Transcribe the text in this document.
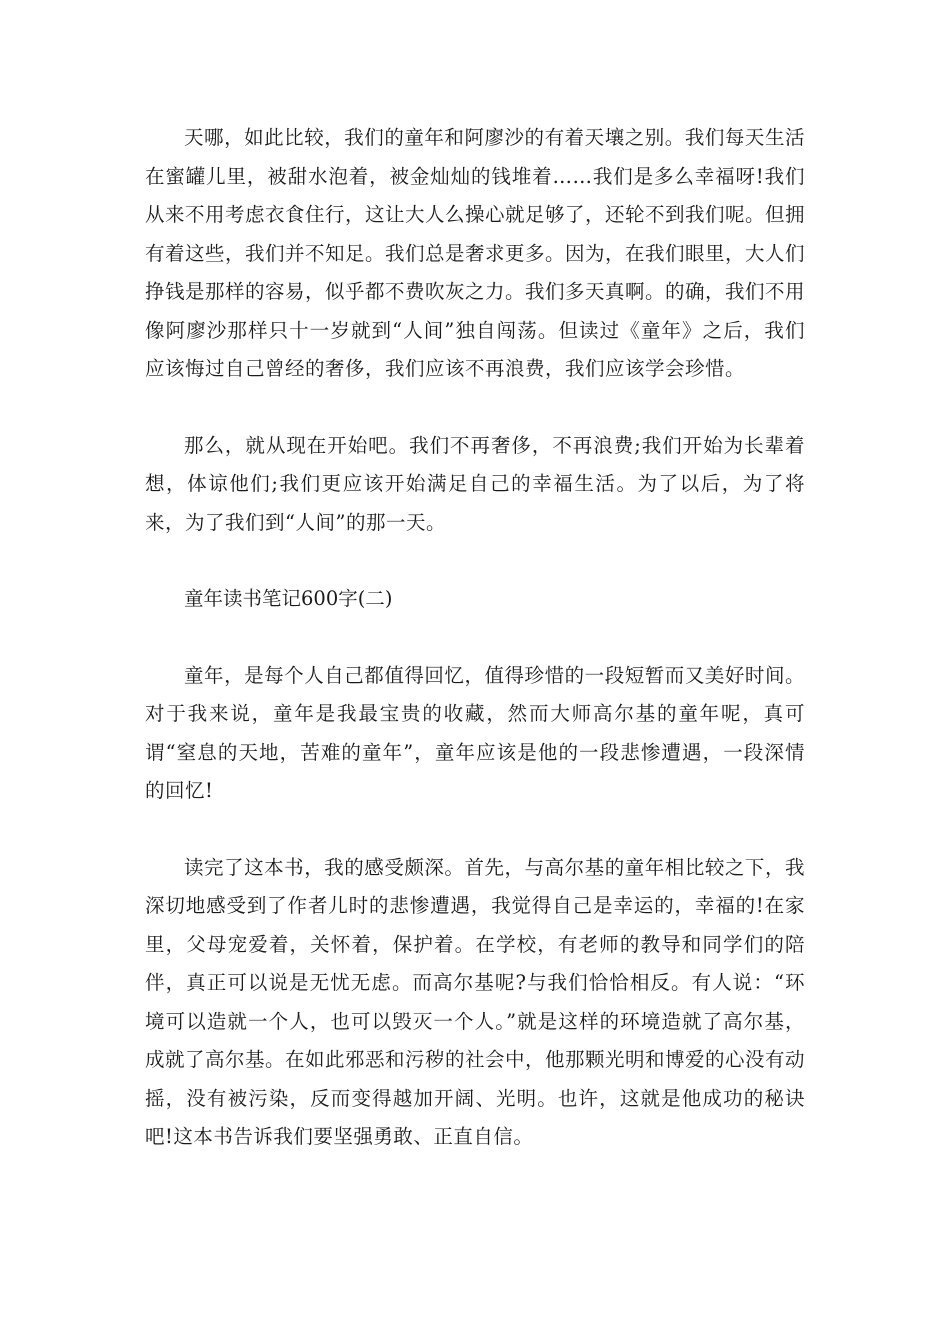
天哪，如此比较，我们的童年和阿廖沙的有着天壤之别。我们每天生活在蜜罐儿里，被甜水泡着，被金灿灿的钱堆着……我们是多么幸福呀!我们从来不用考虑衣食住行，这让大人么操心就足够了，还轮不到我们呢。但拥有着这些，我们并不知足。我们总是奢求更多。因为，在我们眼里，大人们挣钱是那样的容易，似乎都不费吹灰之力。我们多天真啊。的确，我们不用像阿廖沙那样只十一岁就到“人间”独自闯荡。但读过《童年》之后，我们应该悔过自己曾经的奢侈，我们应该不再浪费，我们应该学会珍惜。

那么，就从现在开始吧。我们不再奢侈，不再浪费;我们开始为长辈着想，体谅他们;我们更应该开始满足自己的幸福生活。为了以后，为了将来，为了我们到“人间”的那一天。

童年读书笔记600字(二)

童年，是每个人自己都值得回忆，值得珍惜的一段短暂而又美好时间。对于我来说，童年是我最宝贵的收藏，然而大师高尔基的童年呢，真可谓“窒息的天地，苦难的童年”，童年应该是他的一段悲惨遭遇，一段深情的回忆!

读完了这本书，我的感受颇深。首先，与高尔基的童年相比较之下，我深切地感受到了作者儿时的悲惨遭遇，我觉得自己是幸运的，幸福的!在家里，父母宠爱着，关怀着，保护着。在学校，有老师的教导和同学们的陪伴，真正可以说是无忧无虑。而高尔基呢?与我们恰恰相反。有人说：“环境可以造就一个人，也可以毁灭一个人。”就是这样的环境造就了高尔基，成就了高尔基。在如此邪恶和污秽的社会中，他那颗光明和博爱的心没有动摇，没有被污染，反而变得越加开阔、光明。也许，这就是他成功的秘诀吧!这本书告诉我们要坚强勇敢、正直自信。
